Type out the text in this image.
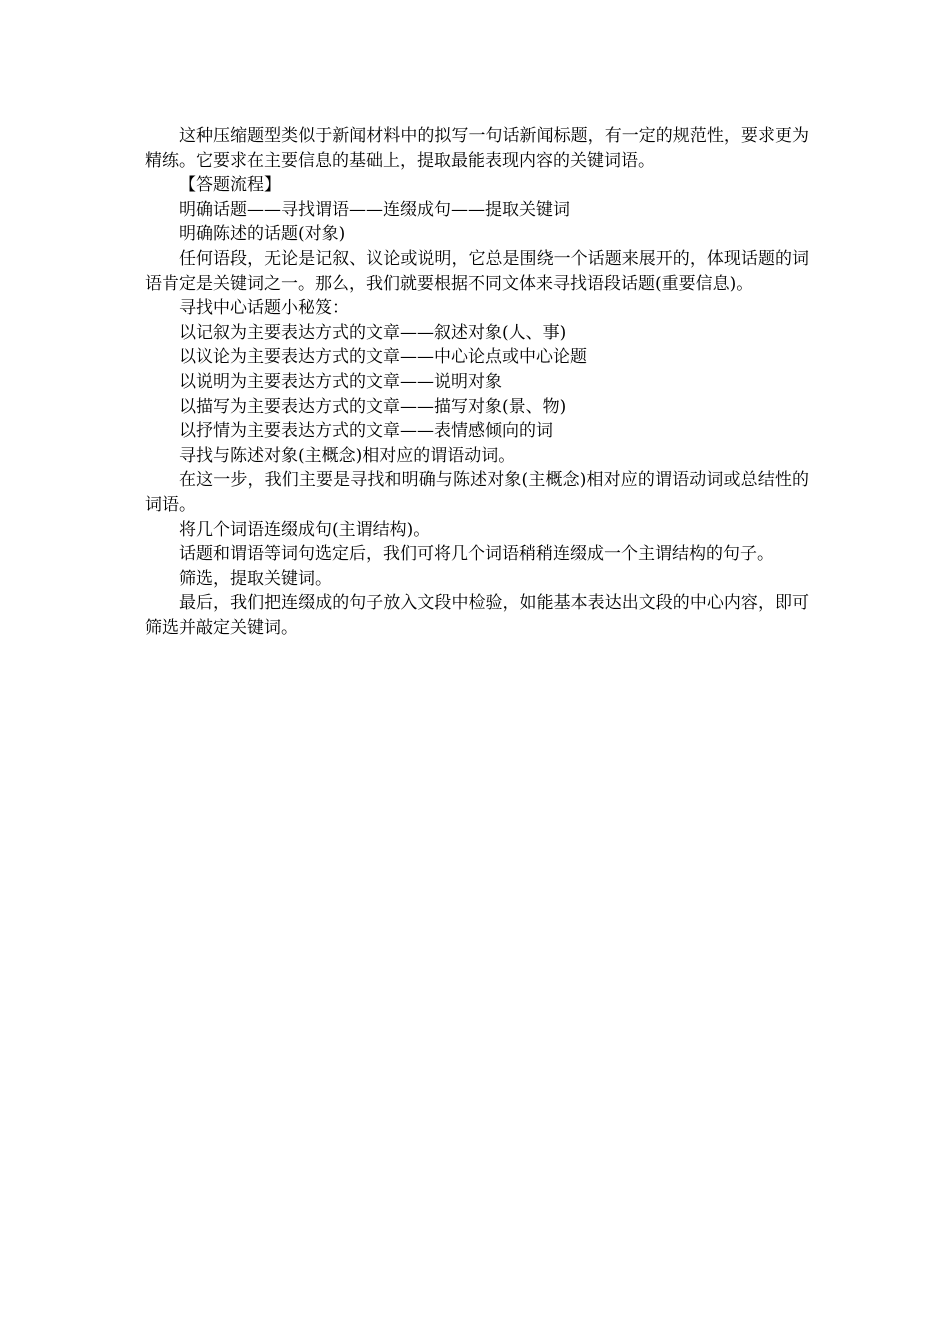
这种压缩题型类似于新闻材料中的拟写一句话新闻标题，有一定的规范性，要求更为精练。它要求在主要信息的基础上，提取最能表现内容的关键词语。

【答题流程】

明确话题——寻找谓语——连缀成句——提取关键词

明确陈述的话题(对象)

任何语段，无论是记叙、议论或说明，它总是围绕一个话题来展开的，体现话题的词语肯定是关键词之一。那么，我们就要根据不同文体来寻找语段话题(重要信息)。

寻找中心话题小秘笈：

以记叙为主要表达方式的文章——叙述对象(人、事)

以议论为主要表达方式的文章——中心论点或中心论题

以说明为主要表达方式的文章——说明对象

以描写为主要表达方式的文章——描写对象(景、物)

以抒情为主要表达方式的文章——表情感倾向的词

寻找与陈述对象(主概念)相对应的谓语动词。

在这一步，我们主要是寻找和明确与陈述对象(主概念)相对应的谓语动词或总结性的词语。

将几个词语连缀成句(主谓结构)。

话题和谓语等词句选定后，我们可将几个词语稍稍连缀成一个主谓结构的句子。

筛选，提取关键词。

最后，我们把连缀成的句子放入文段中检验，如能基本表达出文段的中心内容，即可筛选并敲定关键词。
